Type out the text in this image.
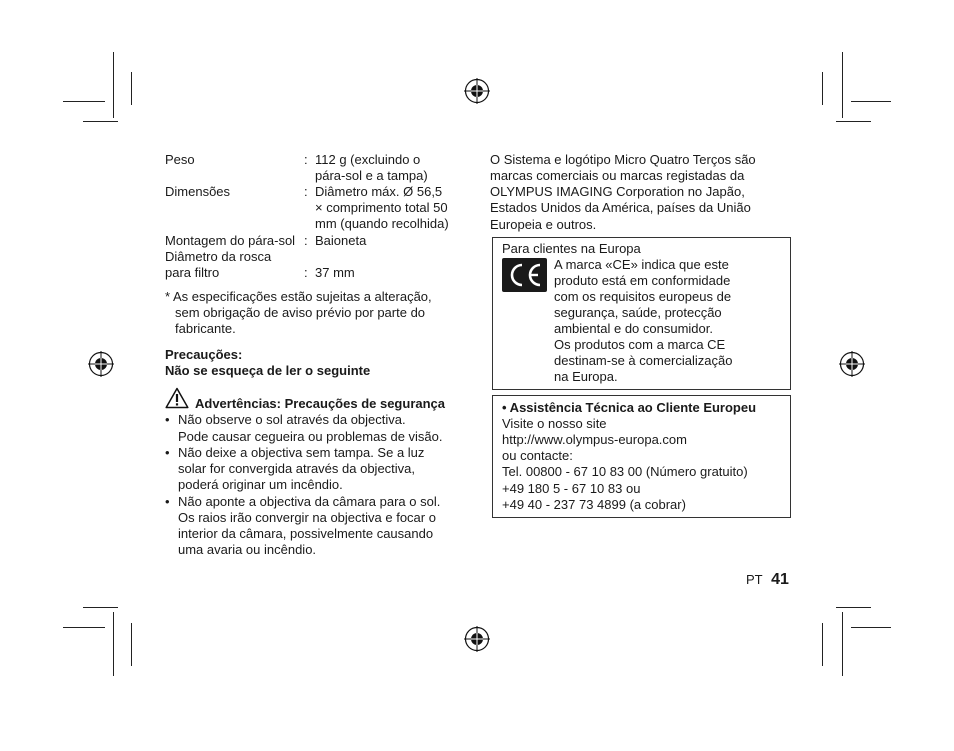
Peso	: 112 g (excluindo o
pára-sol e a tampa)
Dimensões	: Diâmetro máx. Ø 56,5
× comprimento total 50
mm (quando recolhida)
Montagem do pára-sol : Baioneta
Diâmetro da rosca
para filtro	: 37 mm
* As especificações estão sujeitas a alteração,
sem obrigação de aviso prévio por parte do
fabricante.
Precauções:
Não se esqueça de ler o seguinte
Advertências: Precauções de segurança
• Não observe o sol através da objectiva.
Pode causar cegueira ou problemas de visão.
• Não deixe a objectiva sem tampa. Se a luz
solar for convergida através da objectiva,
poderá originar um incêndio.
• Não aponte a objectiva da câmara para o sol.
Os raios irão convergir na objectiva e focar o
interior da câmara, possivelmente causando
uma avaria ou incêndio.
O Sistema e logótipo Micro Quatro Terços são
marcas comerciais ou marcas registadas da
OLYMPUS IMAGING Corporation no Japão,
Estados Unidos da América, países da União
Europeia e outros.
Para clientes na Europa
A marca «CE» indica que este
produto está em conformidade
com os requisitos europeus de
segurança, saúde, protecção
ambiental e do consumidor.
Os produtos com a marca CE
destinam-se à comercialização
na Europa.
• Assistência Técnica ao Cliente Europeu
Visite o nosso site
http://www.olympus-europa.com
ou contacte:
Tel. 00800 - 67 10 83 00 (Número gratuito)
+49 180 5 - 67 10 83 ou
+49 40 - 237 73 4899 (a cobrar)
PT 41
